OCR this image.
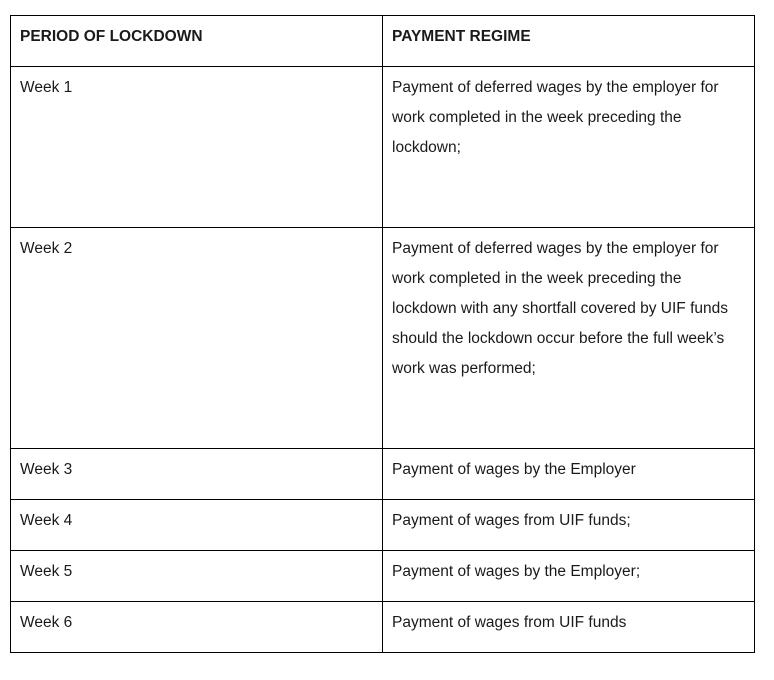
PERIOD OF LOCKDOWN	PAYMENT REGIME
Week 1	Payment of deferred wages by the employer for work completed in the week preceding the lockdown;
Week 2	Payment of deferred wages by the employer for work completed in the week preceding the lockdown with any shortfall covered by UIF funds should the lockdown occur before the full week’s work was performed;
Week 3	Payment of wages by the Employer
Week 4	Payment of wages from UIF funds;
Week 5	Payment of wages by the Employer;
Week 6	Payment of wages from UIF funds
